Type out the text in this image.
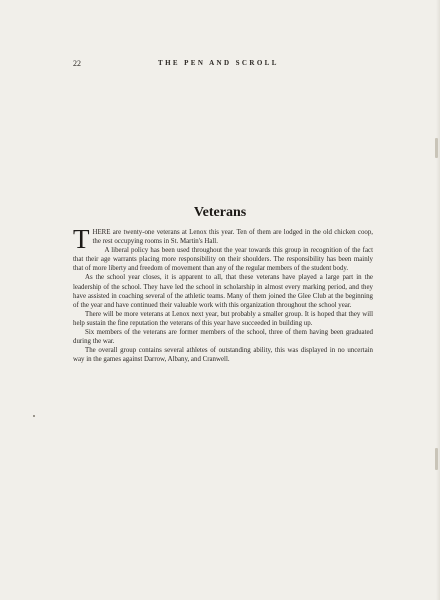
22	THE PEN AND SCROLL
Veterans

THERE are twenty-one veterans at Lenox this year. Ten of them are lodged in the old chicken coop, the rest occupying rooms in St. Martin's Hall.

A liberal policy has been used throughout the year towards this group in recognition of the fact that their age warrants placing more responsibility on their shoulders. The responsibility has been mainly that of more liberty and freedom of movement than any of the regular members of the student body.

As the school year closes, it is apparent to all, that these veterans have played a large part in the leadership of the school. They have led the school in scholarship in almost every marking period, and they have assisted in coaching several of the athletic teams. Many of them joined the Glee Club at the beginning of the year and have continued their valuable work with this organization throughout the school year.

There will be more veterans at Lenox next year, but probably a smaller group. It is hoped that they will help sustain the fine reputation the veterans of this year have succeeded in building up.

Six members of the veterans are former members of the school, three of them having been graduated during the war.

The overall group contains several athletes of outstanding ability, this was displayed in no uncertain way in the games against Darrow, Albany, and Cranwell.
